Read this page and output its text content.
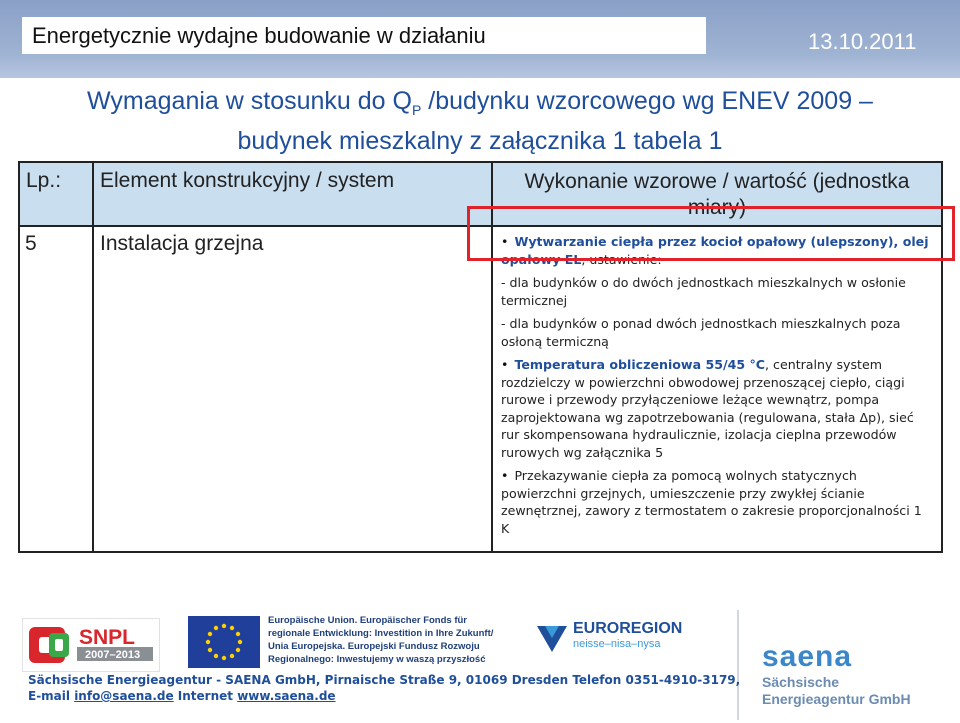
Energetycznie wydajne budowanie w działaniu	13.10.2011
Wymagania w stosunku do $Q_P$ /budynku wzorcowego wg ENEV 2009 –
budynek mieszkalny z załącznika 1 tabela 1
Lp.:	Element konstrukcyjny / system	Wykonanie wzorowe / wartość (jednostka miary)
5	Instalacja grzejna	• Wytwarzanie ciepła przez kocioł opałowy (ulepszony), olej opałowy EL, ustawienie:

- dla budynków o do dwóch jednostkach mieszkalnych w osłonie termicznej

- dla budynków o ponad dwóch jednostkach mieszkalnych poza osłoną termiczną

• Temperatura obliczeniowa 55/45 °C, centralny system rozdzielczy w powierzchni obwodowej przenoszącej ciepło, ciągi rurowe i przewody przyłączeniowe leżące wewnątrz, pompa zaprojektowana wg zapotrzebowania (regulowana, stała Δp), sieć rur skompensowana hydraulicznie, izolacja cieplna przewodów rurowych wg załącznika 5

• Przekazywanie ciepła za pomocą wolnych statycznych powierzchni grzejnych, umieszczenie przy zwykłej ścianie zewnętrznej, zawory z termostatem o zakresie proporcjonalności 1 K

SNPL
2007–2013
Europäische Union. Europäischer Fonds für
regionale Entwicklung: Investition in Ihre Zukunft/
Unia Europejska. Europejski Fundusz Rozwoju
Regionalnego: Inwestujemy w waszą przyszłość
EUROREGION
neisse–nisa–nysa	saena
Sächsische
Energieagentur GmbH
Sächsische Energieagentur - SAENA GmbH, Pirnaische Straße 9, 01069 Dresden Telefon 0351-4910-3179,
E-mail info@saena.de Internet www.saena.de
